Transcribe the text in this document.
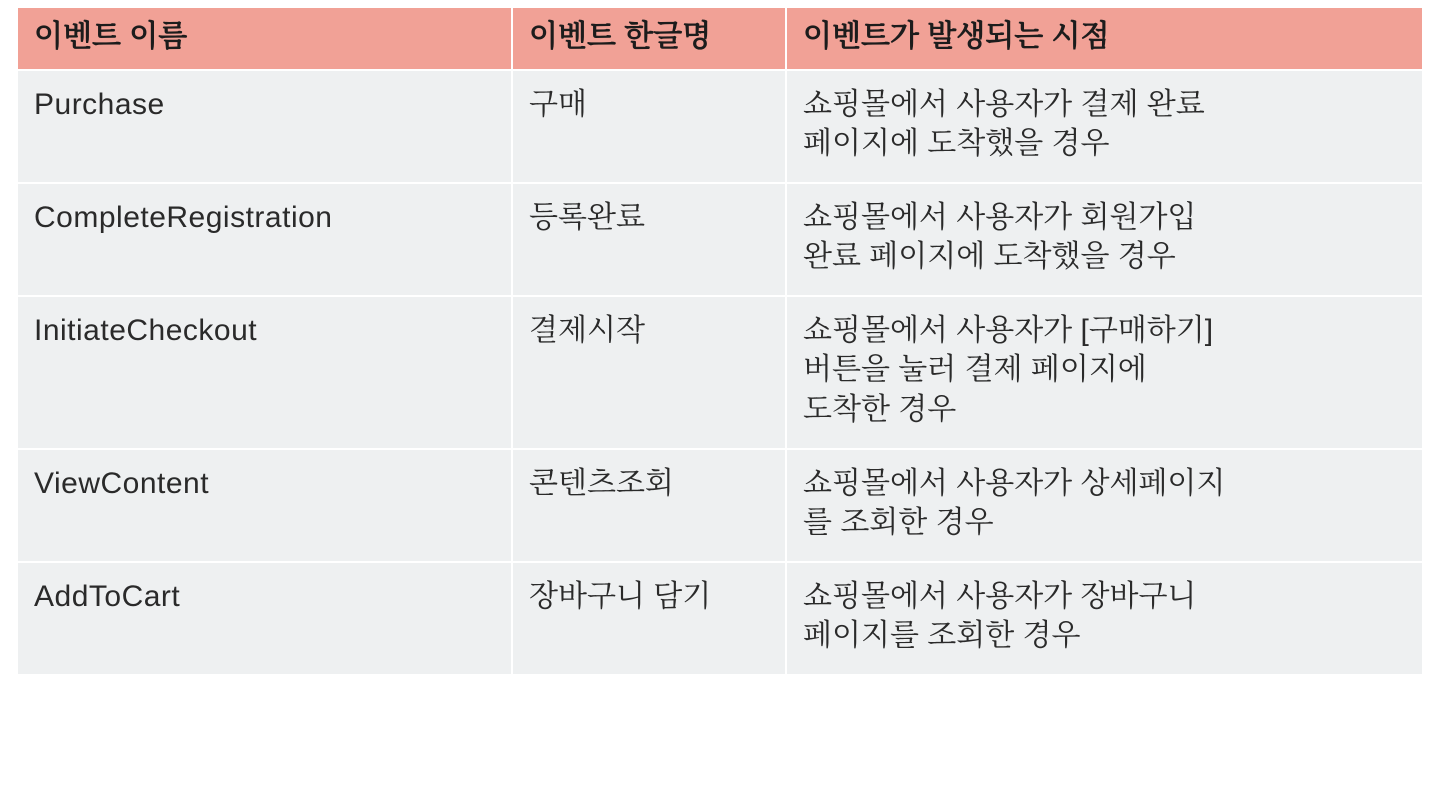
이벤트 이름	이벤트 한글명	이벤트가 발생되는 시점
Purchase	구매	쇼핑몰에서 사용자가 결제 완료
페이지에 도착했을 경우

CompleteRegistration	등록완료	쇼핑몰에서 사용자가 회원가입
완료 페이지에 도착했을 경우

InitiateCheckout	결제시작	쇼핑몰에서 사용자가 [구매하기]
버튼을 눌러 결제 페이지에
도착한 경우

ViewContent	콘텐츠조회	쇼핑몰에서 사용자가 상세페이지
를 조회한 경우

AddToCart	장바구니 담기	쇼핑몰에서 사용자가 장바구니
페이지를 조회한 경우
